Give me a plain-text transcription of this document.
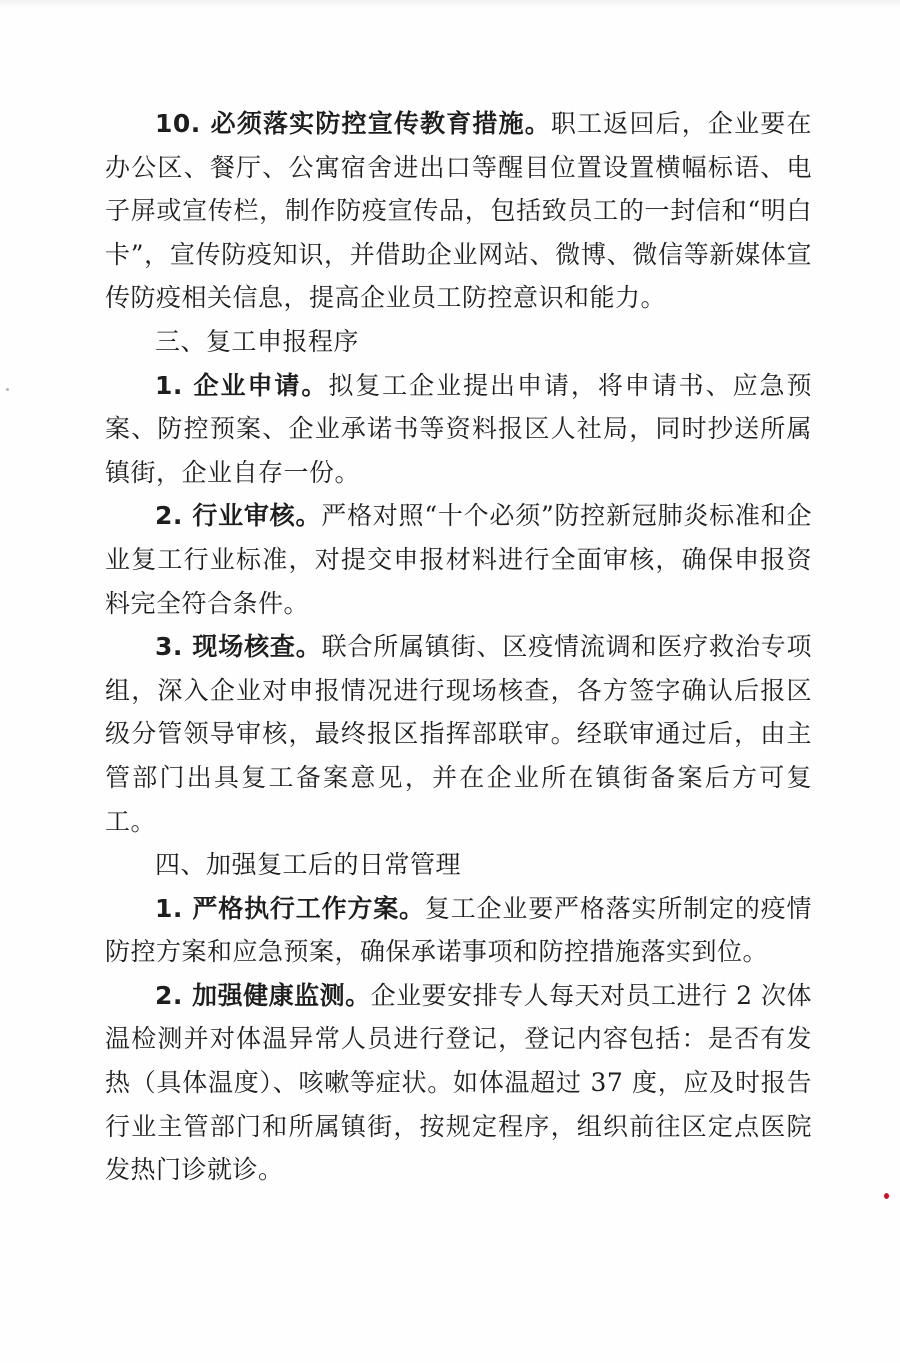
10. 必须落实防控宣传教育措施。职工返回后，企业要在办公区、餐厅、公寓宿舍进出口等醒目位置设置横幅标语、电子屏或宣传栏，制作防疫宣传品，包括致员工的一封信和“明白卡”，宣传防疫知识，并借助企业网站、微博、微信等新媒体宣传防疫相关信息，提高企业员工防控意识和能力。

三、复工申报程序

1. 企业申请。拟复工企业提出申请，将申请书、应急预案、防控预案、企业承诺书等资料报区人社局，同时抄送所属镇街，企业自存一份。

2. 行业审核。严格对照“十个必须”防控新冠肺炎标准和企业复工行业标准，对提交申报材料进行全面审核，确保申报资料完全符合条件。

3. 现场核查。联合所属镇街、区疫情流调和医疗救治专项组，深入企业对申报情况进行现场核查，各方签字确认后报区级分管领导审核，最终报区指挥部联审。经联审通过后，由主管部门出具复工备案意见，并在企业所在镇街备案后方可复工。

四、加强复工后的日常管理

1. 严格执行工作方案。复工企业要严格落实所制定的疫情防控方案和应急预案，确保承诺事项和防控措施落实到位。

2. 加强健康监测。企业要安排专人每天对员工进行 2 次体温检测并对体温异常人员进行登记，登记内容包括：是否有发热（具体温度）、咳嗽等症状。如体温超过 37 度，应及时报告行业主管部门和所属镇街，按规定程序，组织前往区定点医院发热门诊就诊。
